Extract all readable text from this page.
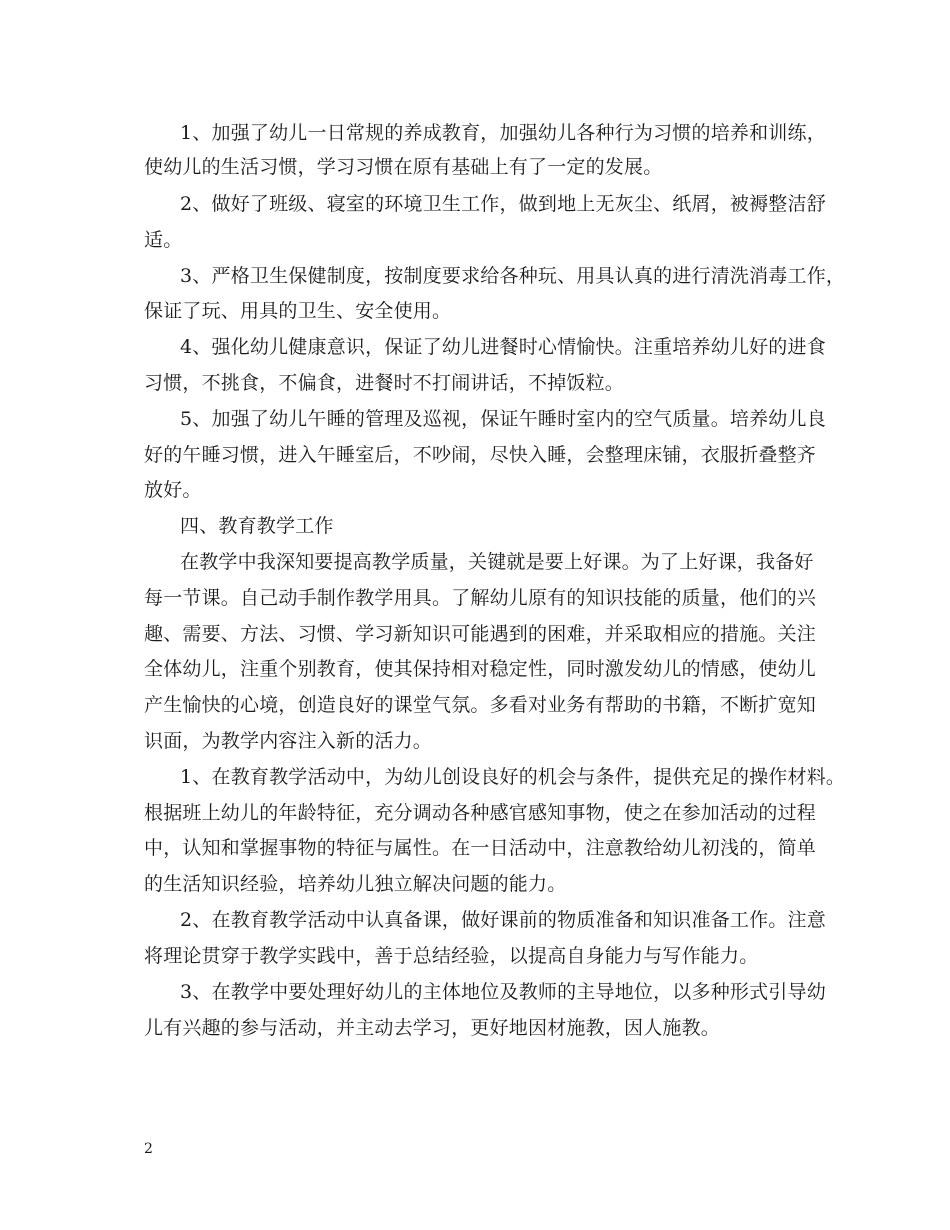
1、加强了幼儿一日常规的养成教育，加强幼儿各种行为习惯的培养和训练，
使幼儿的生活习惯，学习习惯在原有基础上有了一定的发展。
2、做好了班级、寝室的环境卫生工作，做到地上无灰尘、纸屑，被褥整洁舒
适。
3、严格卫生保健制度，按制度要求给各种玩、用具认真的进行清洗消毒工作，
保证了玩、用具的卫生、安全使用。
4、强化幼儿健康意识，保证了幼儿进餐时心情愉快。注重培养幼儿好的进食
习惯，不挑食，不偏食，进餐时不打闹讲话，不掉饭粒。
5、加强了幼儿午睡的管理及巡视，保证午睡时室内的空气质量。培养幼儿良
好的午睡习惯，进入午睡室后，不吵闹，尽快入睡，会整理床铺，衣服折叠整齐
放好。
四、教育教学工作
在教学中我深知要提高教学质量，关键就是要上好课。为了上好课，我备好
每一节课。自己动手制作教学用具。了解幼儿原有的知识技能的质量，他们的兴
趣、需要、方法、习惯、学习新知识可能遇到的困难，并采取相应的措施。关注
全体幼儿，注重个别教育，使其保持相对稳定性，同时激发幼儿的情感，使幼儿
产生愉快的心境，创造良好的课堂气氛。多看对业务有帮助的书籍，不断扩宽知
识面，为教学内容注入新的活力。
1、在教育教学活动中，为幼儿创设良好的机会与条件，提供充足的操作材料。
根据班上幼儿的年龄特征，充分调动各种感官感知事物，使之在参加活动的过程
中，认知和掌握事物的特征与属性。在一日活动中，注意教给幼儿初浅的，简单
的生活知识经验，培养幼儿独立解决问题的能力。
2、在教育教学活动中认真备课，做好课前的物质准备和知识准备工作。注意
将理论贯穿于教学实践中，善于总结经验，以提高自身能力与写作能力。
3、在教学中要处理好幼儿的主体地位及教师的主导地位，以多种形式引导幼
儿有兴趣的参与活动，并主动去学习，更好地因材施教，因人施教。
2
